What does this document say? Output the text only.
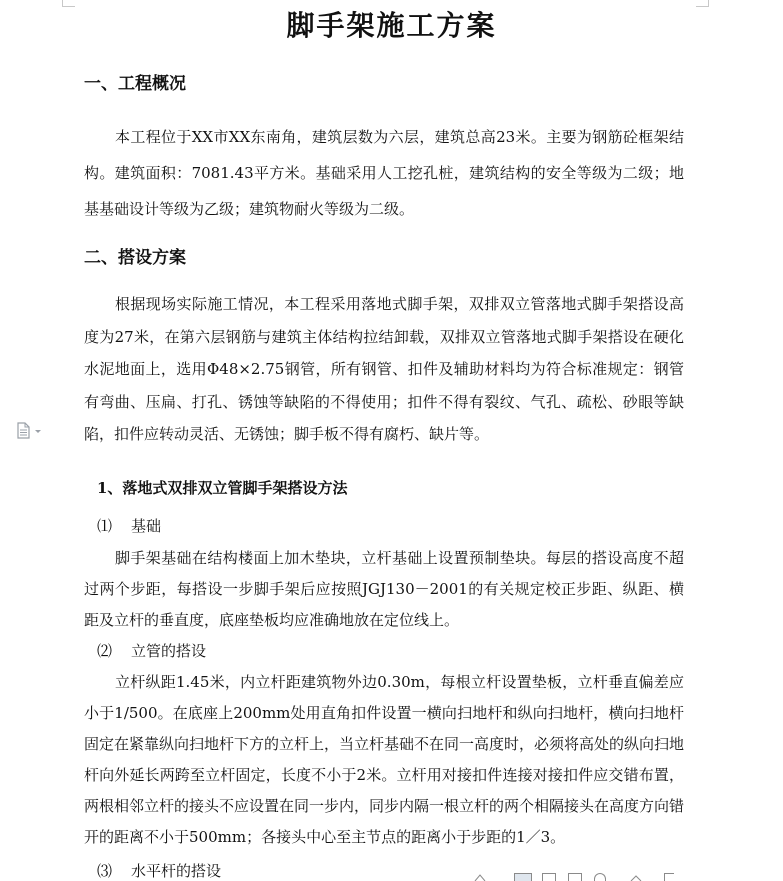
脚手架施工方案
一、工程概况

本工程位于XX市XX东南角，建筑层数为六层，建筑总高23米。主要为钢筋砼框架结构。建筑面积：7081.43平方米。基础采用人工挖孔桩，建筑结构的安全等级为二级；地基基础设计等级为乙级；建筑物耐火等级为二级。

二、搭设方案

根据现场实际施工情况，本工程采用落地式脚手架，双排双立管落地式脚手架搭设高度为27米，在第六层钢筋与建筑主体结构拉结卸载，双排双立管落地式脚手架搭设在硬化水泥地面上，选用Φ48×2.75钢管，所有钢管、扣件及辅助材料均为符合标准规定：钢管有弯曲、压扁、打孔、锈蚀等缺陷的不得使用；扣件不得有裂纹、气孔、疏松、砂眼等缺陷，扣件应转动灵活、无锈蚀；脚手板不得有腐朽、缺片等。

1、落地式双排双立管脚手架搭设方法
⑴ 基础

脚手架基础在结构楼面上加木垫块，立杆基础上设置预制垫块。每层的搭设高度不超过两个步距，每搭设一步脚手架后应按照JGJ130－2001的有关规定校正步距、纵距、横距及立杆的垂直度，底座垫板均应准确地放在定位线上。

⑵ 立管的搭设

立杆纵距1.45米，内立杆距建筑物外边0.30m，每根立杆设置垫板，立杆垂直偏差应小于1/500。在底座上200mm处用直角扣件设置一横向扫地杆和纵向扫地杆，横向扫地杆固定在紧靠纵向扫地杆下方的立杆上，当立杆基础不在同一高度时，必须将高处的纵向扫地杆向外延长两跨至立杆固定，长度不小于2米。立杆用对接扣件连接对接扣件应交错布置，两根相邻立杆的接头不应设置在同一步内，同步内隔一根立杆的两个相隔接头在高度方向错开的距离不小于500mm；各接头中心至主节点的距离小于步距的1／3。

⑶ 水平杆的搭设
